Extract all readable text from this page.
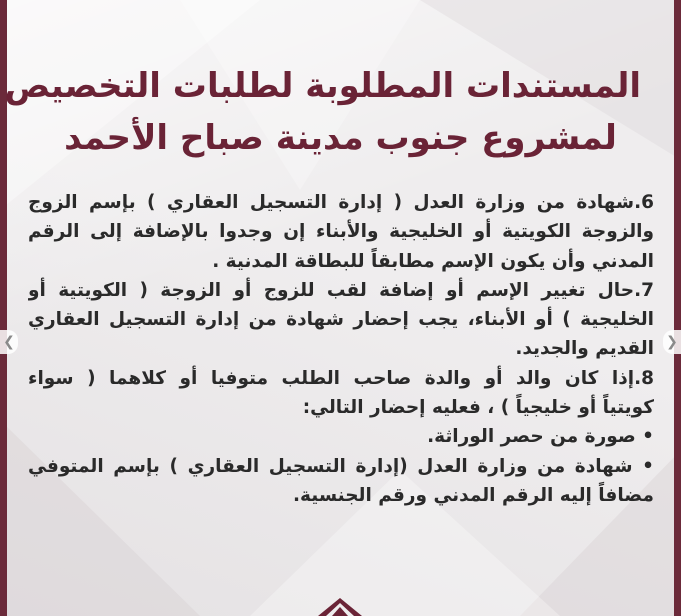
❮	❯
المستندات المطلوبة لطلبات التخصيص
لمشروع جنوب مدينة صباح الأحمد
6.شهادة من وزارة العدل ( إدارة التسجيل العقاري ) بإسم الزوج
والزوجة الكويتية أو الخليجية والأبناء إن وجدوا بالإضافة إلى الرقم
المدني وأن يكون الإسم مطابقاً للبطاقة المدنية .
7.حال تغيير الإسم أو إضافة لقب للزوج أو الزوجة ( الكويتية أو
الخليجية ) أو الأبناء، يجب إحضار شهادة من إدارة التسجيل العقاري
القديم والجديد.
8.إذا كان والد أو والدة صاحب الطلب متوفيا أو كلاهما ( سواء
كويتياً أو خليجياً ) ، فعليه إحضار التالي:
• صورة من حصر الوراثة.
• شهادة من وزارة العدل (إدارة التسجيل العقاري ) بإسم المتوفي
مضافاً إليه الرقم المدني ورقم الجنسية.
